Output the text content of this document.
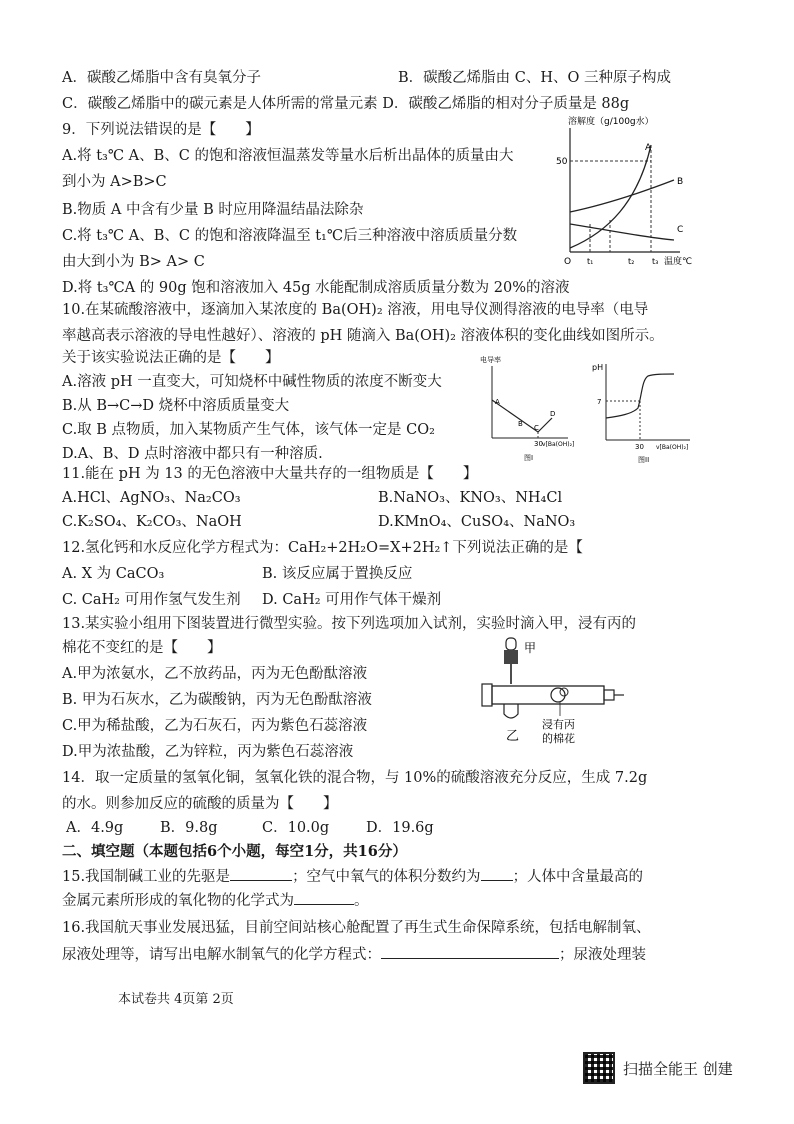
A．碳酸乙烯脂中含有臭氧分子	B．碳酸乙烯脂由 C、H、O 三种原子构成
C．碳酸乙烯脂中的碳元素是人体所需的常量元素 D．碳酸乙烯脂的相对分子质量是 88g
9．下列说法错误的是【　　】
A.将 t₃℃ A、B、C 的饱和溶液恒温蒸发等量水后析出晶体的质量由大
到小为 A>B>C
B.物质 A 中含有少量 B 时应用降温结晶法除杂
C.将 t₃℃ A、B、C 的饱和溶液降温至 t₁℃后三种溶液中溶质质量分数
由大到小为 B> A> C
D.将 t₃℃A 的 90g 饱和溶液加入 45g 水能配制成溶质质量分数为 20%的溶液
溶解度（g/100g水）
50
A
B
C
O t₁	t₂ t₃ 温度℃
10.在某硫酸溶液中，逐滴加入某浓度的 Ba(OH)₂ 溶液，用电导仪测得溶液的电导率（电导
率越高表示溶液的导电性越好）、溶液的 pH 随滴入 Ba(OH)₂ 溶液体积的变化曲线如图所示。
关于该实验说法正确的是【　　】
A.溶液 pH 一直变大，可知烧杯中碱性物质的浓度不断变大
B.从 B→C→D 烧杯中溶质质量变大
C.取 B 点物质，加入某物质产生气体，该气体一定是 CO₂
D.A、B、D 点时溶液中都只有一种溶质.
电导率
A
B C
D
30 v[Ba(OH)₂]
图I
pH
7
30 v[Ba(OH)₂]
图II
11.能在 pH 为 13 的无色溶液中大量共存的一组物质是【　　】
A.HCl、AgNO₃、Na₂CO₃	B.NaNO₃、KNO₃、NH₄Cl
C.K₂SO₄、K₂CO₃、NaOH	D.KMnO₄、CuSO₄、NaNO₃
12.氢化钙和水反应化学方程式为：CaH₂+2H₂O=X+2H₂↑下列说法正确的是【
A. X 为 CaCO₃	B. 该反应属于置换反应
C. CaH₂ 可用作氢气发生剂 D. CaH₂ 可用作气体干燥剂
13.某实验小组用下图装置进行微型实验。按下列选项加入试剂，实验时滴入甲，浸有丙的
棉花不变红的是【　　】
A.甲为浓氨水，乙不放药品，丙为无色酚酞溶液
B. 甲为石灰水，乙为碳酸钠，丙为无色酚酞溶液
C.甲为稀盐酸，乙为石灰石，丙为紫色石蕊溶液
D.甲为浓盐酸，乙为锌粒，丙为紫色石蕊溶液
甲
乙
浸有丙
的棉花
14．取一定质量的氢氧化铜，氢氧化铁的混合物，与 10%的硫酸溶液充分反应，生成 7.2g
的水。则参加反应的硫酸的质量为【　　】
A．4.9g	B．9.8g	C．10.0g	D．19.6g
二、填空题（本题包括6个小题，每空1分，共16分）
15.我国制碱工业的先驱是	；空气中氧气的体积分数约为 ；人体中含量最高的
金属元素所形成的氧化物的化学式为	。
16.我国航天事业发展迅猛，目前空间站核心舱配置了再生式生命保障系统，包括电解制氧、
尿液处理等，请写出电解水制氧气的化学方程式：	；尿液处理装
本试卷共 4页第 2页
扫描全能王 创建
